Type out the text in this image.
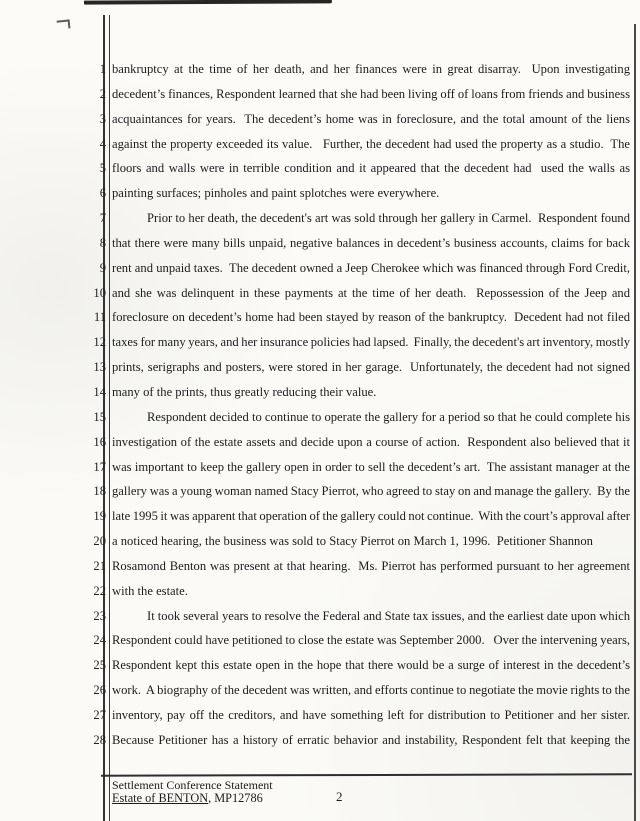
1 bankruptcy at the time of her death, and her finances were in great disarray.  Upon investigating
2 decedent’s finances, Respondent learned that she had been living off of loans from friends and business
3 acquaintances for years.  The decedent’s home was in foreclosure, and the total amount of the liens
4 against the property exceeded its value.   Further, the decedent had used the property as a studio.  The
5 floors and walls were in terrible condition and it appeared that the decedent had  used the walls as
6 painting surfaces; pinholes and paint splotches were everywhere.
7	Prior to her death, the decedent's art was sold through her gallery in Carmel.  Respondent found
8 that there were many bills unpaid, negative balances in decedent’s business accounts, claims for back
9 rent and unpaid taxes.  The decedent owned a Jeep Cherokee which was financed through Ford Credit,
10 and she was delinquent in these payments at the time of her death.  Repossession of the Jeep and
11 foreclosure on decedent’s home had been stayed by reason of the bankruptcy.  Decedent had not filed
12 taxes for many years, and her insurance policies had lapsed.  Finally, the decedent's art inventory, mostly
13 prints, serigraphs and posters, were stored in her garage.  Unfortunately, the decedent had not signed
14 many of the prints, thus greatly reducing their value.
15	Respondent decided to continue to operate the gallery for a period so that he could complete his
16 investigation of the estate assets and decide upon a course of action.  Respondent also believed that it
17 was important to keep the gallery open in order to sell the decedent’s art.  The assistant manager at the
18 gallery was a young woman named Stacy Pierrot, who agreed to stay on and manage the gallery.  By the
19 late 1995 it was apparent that operation of the gallery could not continue.  With the court’s approval after
20 a noticed hearing, the business was sold to Stacy Pierrot on March 1, 1996.  Petitioner Shannon
21 Rosamond Benton was present at that hearing.  Ms. Pierrot has performed pursuant to her agreement
22 with the estate.
23	It took several years to resolve the Federal and State tax issues, and the earliest date upon which
24 Respondent could have petitioned to close the estate was September 2000.   Over the intervening years,
25 Respondent kept this estate open in the hope that there would be a surge of interest in the decedent’s
26 work.  A biography of the decedent was written, and efforts continue to negotiate the movie rights to the
27 inventory, pay off the creditors, and have something left for distribution to Petitioner and her sister.
28 Because Petitioner has a history of erratic behavior and instability, Respondent felt that keeping the
Settlement Conference Statement
Estate of BENTON, MP12786	2
